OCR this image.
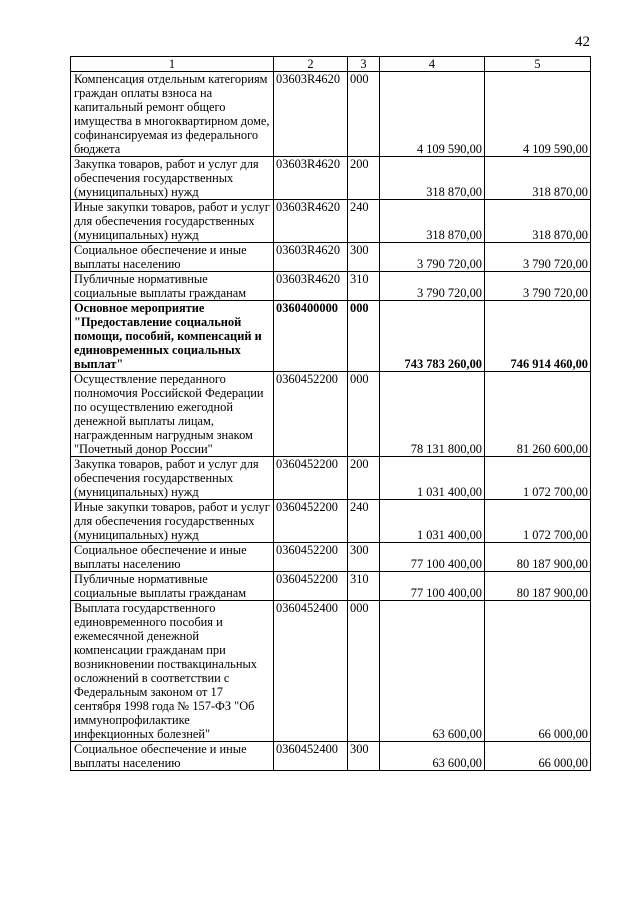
42
1	2	3	4	5
Компенсация отдельным категориям граждан оплаты взноса на капитальный ремонт общего имущества в многоквартирном доме, софинансируемая из федерального бюджета	03603R4620	000	4 109 590,00	4 109 590,00
Закупка товаров, работ и услуг для обеспечения государственных (муниципальных) нужд	03603R4620	200	318 870,00	318 870,00
Иные закупки товаров, работ и услуг для обеспечения государственных (муниципальных) нужд	03603R4620	240	318 870,00	318 870,00
Социальное обеспечение и иные выплаты населению	03603R4620	300	3 790 720,00	3 790 720,00
Публичные нормативные социальные выплаты гражданам	03603R4620	310	3 790 720,00	3 790 720,00
Основное мероприятие "Предоставление социальной помощи, пособий, компенсаций и единовременных социальных выплат"	0360400000	000	743 783 260,00	746 914 460,00
Осуществление переданного полномочия Российской Федерации по осуществлению ежегодной денежной выплаты лицам, награжденным нагрудным знаком "Почетный донор России"	0360452200	000	78 131 800,00	81 260 600,00
Закупка товаров, работ и услуг для обеспечения государственных (муниципальных) нужд	0360452200	200	1 031 400,00	1 072 700,00
Иные закупки товаров, работ и услуг для обеспечения государственных (муниципальных) нужд	0360452200	240	1 031 400,00	1 072 700,00
Социальное обеспечение и иные выплаты населению	0360452200	300	77 100 400,00	80 187 900,00
Публичные нормативные социальные выплаты гражданам	0360452200	310	77 100 400,00	80 187 900,00
Выплата государственного единовременного пособия и ежемесячной денежной компенсации гражданам при возникновении поствакцинальных осложнений в соответствии с Федеральным законом от 17 сентября 1998 года № 157-ФЗ "Об иммунопрофилактике инфекционных болезней"	0360452400	000	63 600,00	66 000,00
Социальное обеспечение и иные выплаты населению	0360452400	300	63 600,00	66 000,00
